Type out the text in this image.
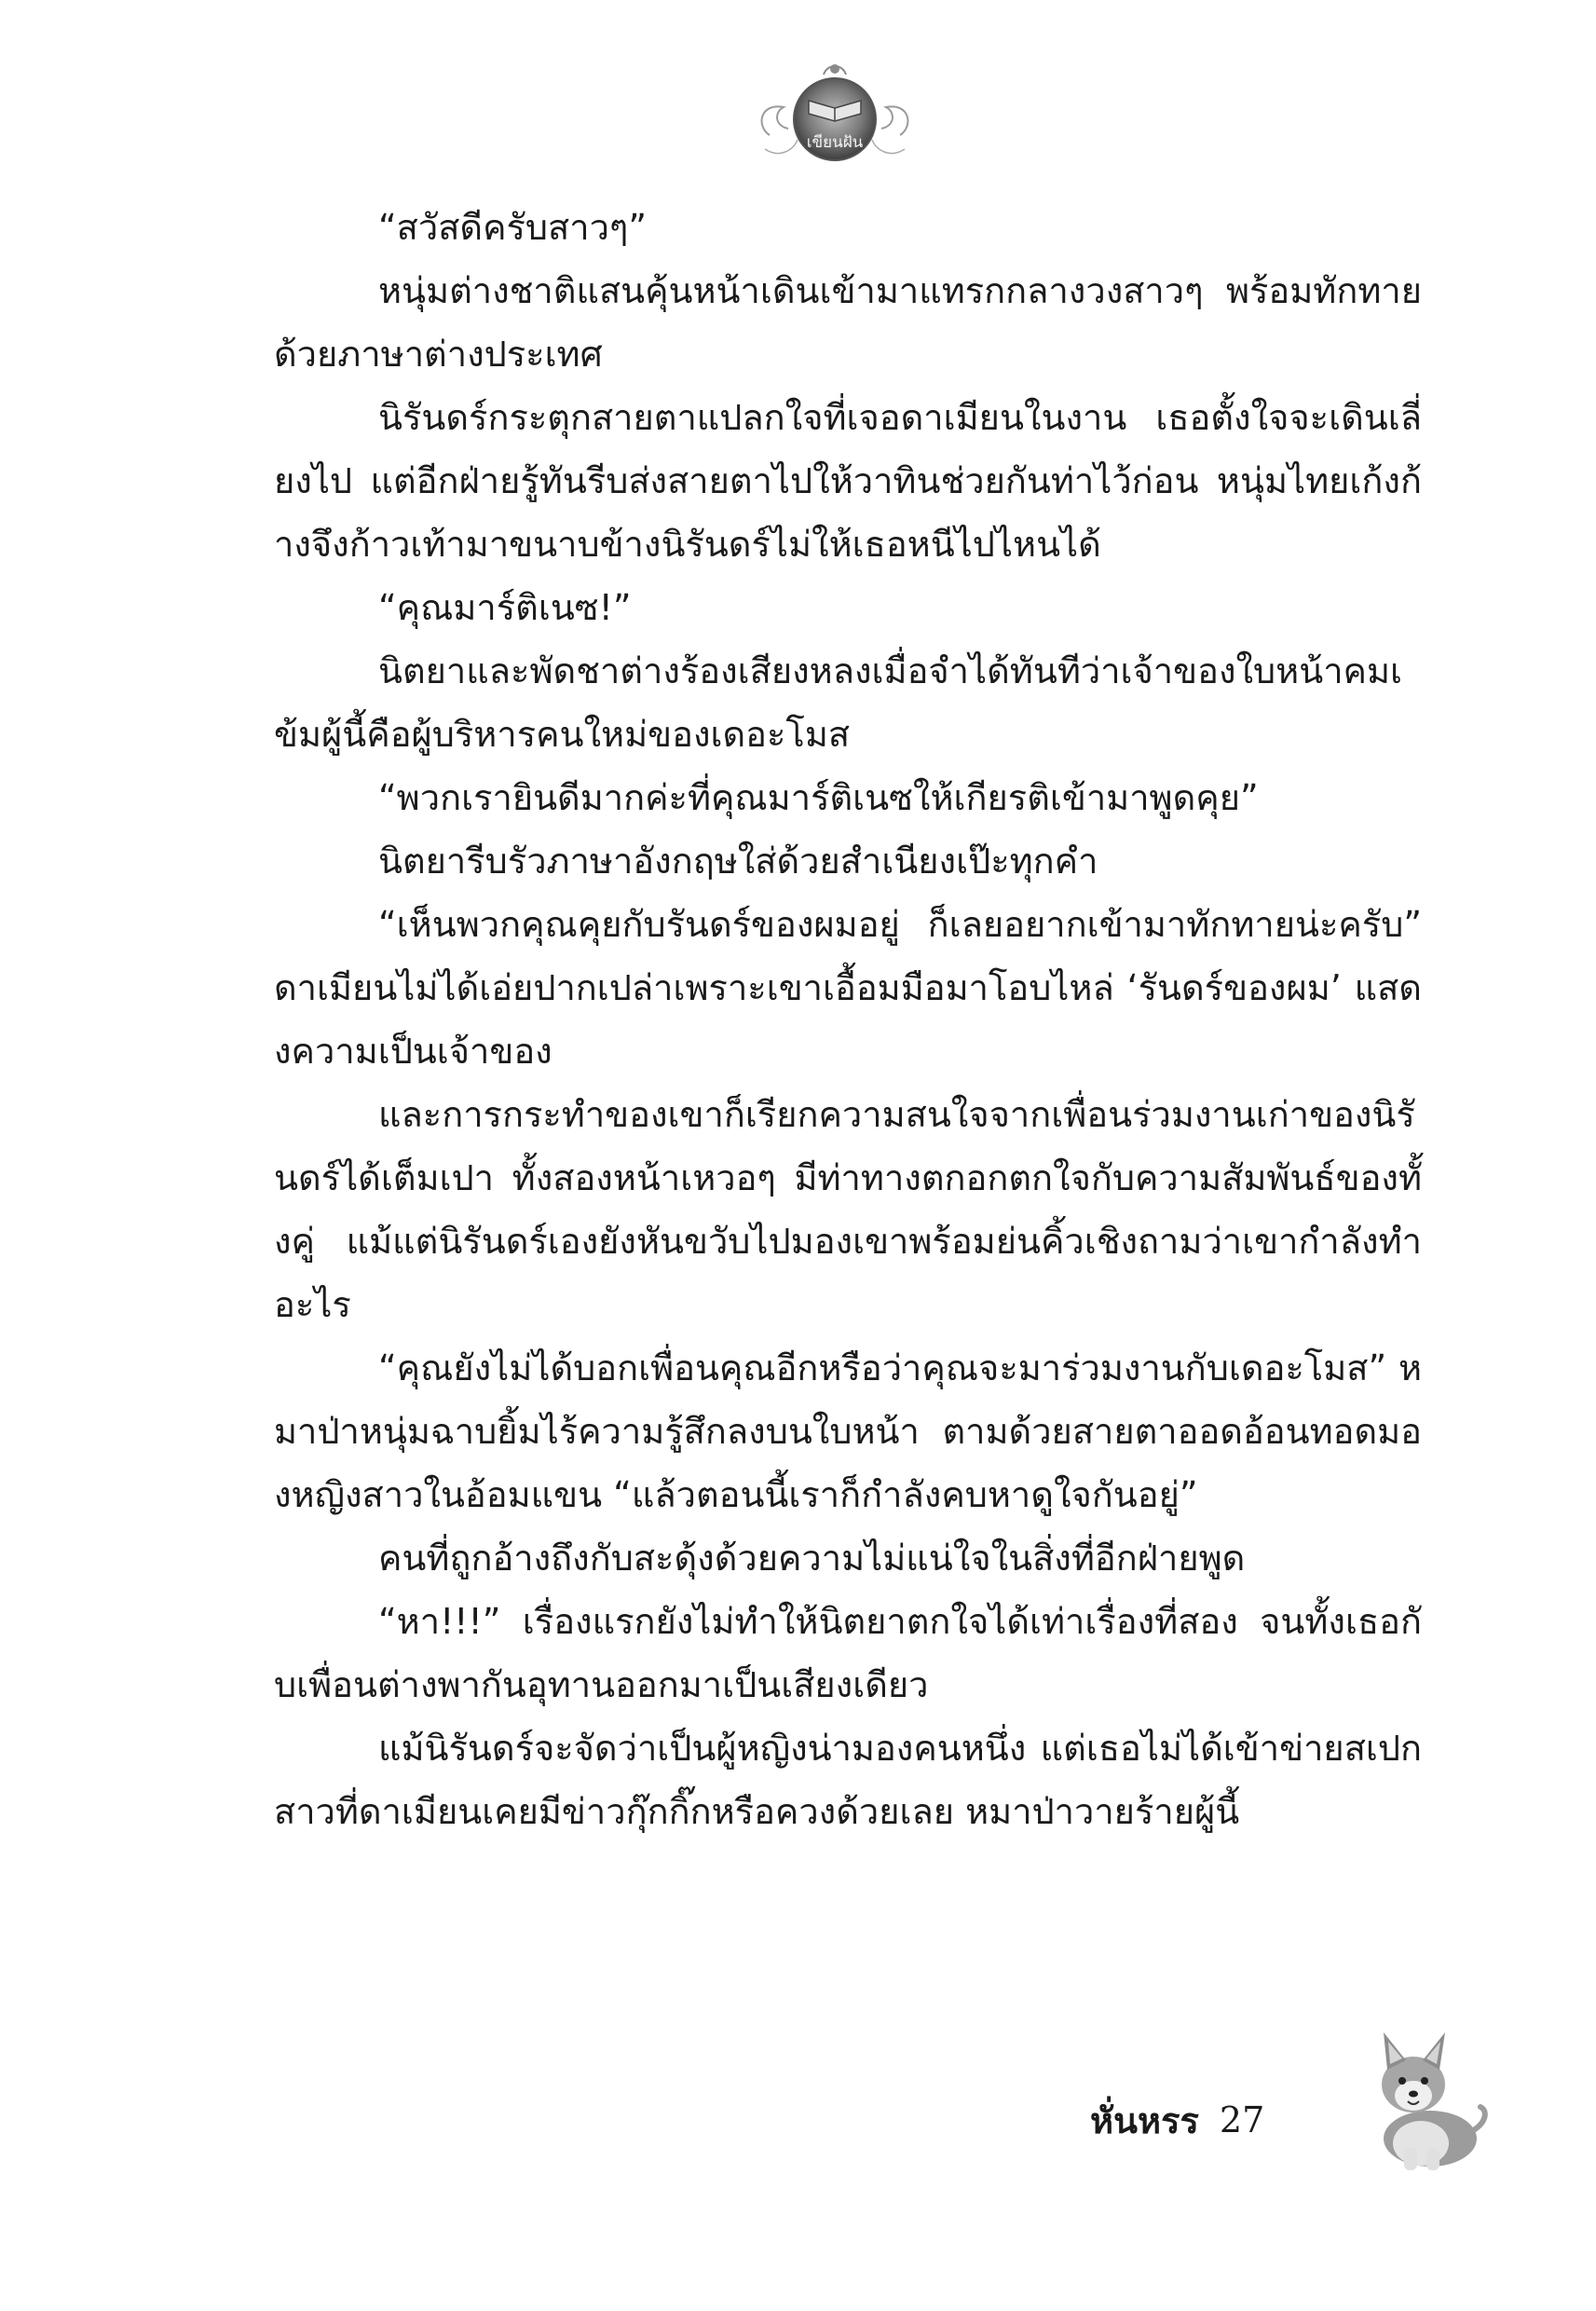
เขียนฝัน

“สวัสดีครับสาวๆ”

หนุ่มต่างชาติแสนคุ้นหน้าเดินเข้ามาแทรกกลางวงสาวๆ พร้อมทักทายด้วยภาษาต่างประเทศ

นิรันดร์กระตุกสายตาแปลกใจที่เจอดาเมียนในงาน เธอตั้งใจจะเดินเลี่ยงไป แต่อีกฝ่ายรู้ทันรีบส่งสายตาไปให้วาทินช่วยกันท่าไว้ก่อน หนุ่มไทยเก้งก้างจึงก้าวเท้ามาขนาบข้างนิรันดร์ไม่ให้เธอหนีไปไหนได้

“คุณมาร์ติเนซ!”

นิตยาและพัดชาต่างร้องเสียงหลงเมื่อจำได้ทันทีว่าเจ้าของใบหน้าคมเข้มผู้นี้คือผู้บริหารคนใหม่ของเดอะโมส

“พวกเรายินดีมากค่ะที่คุณมาร์ติเนซให้เกียรติเข้ามาพูดคุย”

นิตยารีบรัวภาษาอังกฤษใส่ด้วยสำเนียงเป๊ะทุกคำ

“เห็นพวกคุณคุยกับรันดร์ของผมอยู่ ก็เลยอยากเข้ามาทักทายน่ะครับ” ดาเมียนไม่ได้เอ่ยปากเปล่าเพราะเขาเอื้อมมือมาโอบไหล่ ‘รันดร์ของผม’ แสดงความเป็นเจ้าของ

และการกระทำของเขาก็เรียกความสนใจจากเพื่อนร่วมงานเก่าของนิรันดร์ได้เต็มเปา ทั้งสองหน้าเหวอๆ มีท่าทางตกอกตกใจกับความสัมพันธ์ของทั้งคู่ แม้แต่นิรันดร์เองยังหันขวับไปมองเขาพร้อมย่นคิ้วเชิงถามว่าเขากำลังทำอะไร

“คุณยังไม่ได้บอกเพื่อนคุณอีกหรือว่าคุณจะมาร่วมงานกับเดอะโมส” หมาป่าหนุ่มฉาบยิ้มไร้ความรู้สึกลงบนใบหน้า ตามด้วยสายตาออดอ้อนทอดมองหญิงสาวในอ้อมแขน “แล้วตอนนี้เราก็กำลังคบหาดูใจกันอยู่”

คนที่ถูกอ้างถึงกับสะดุ้งด้วยความไม่แน่ใจในสิ่งที่อีกฝ่ายพูด

“หา!!!” เรื่องแรกยังไม่ทำให้นิตยาตกใจได้เท่าเรื่องที่สอง จนทั้งเธอกับเพื่อนต่างพากันอุทานออกมาเป็นเสียงเดียว

แม้นิรันดร์จะจัดว่าเป็นผู้หญิงน่ามองคนหนึ่ง แต่เธอไม่ได้เข้าข่ายสเปกสาวที่ดาเมียนเคยมีข่าวกุ๊กกิ๊กหรือควงด้วยเลย หมาป่าวายร้ายผู้นี้

หั่นหรร 27
